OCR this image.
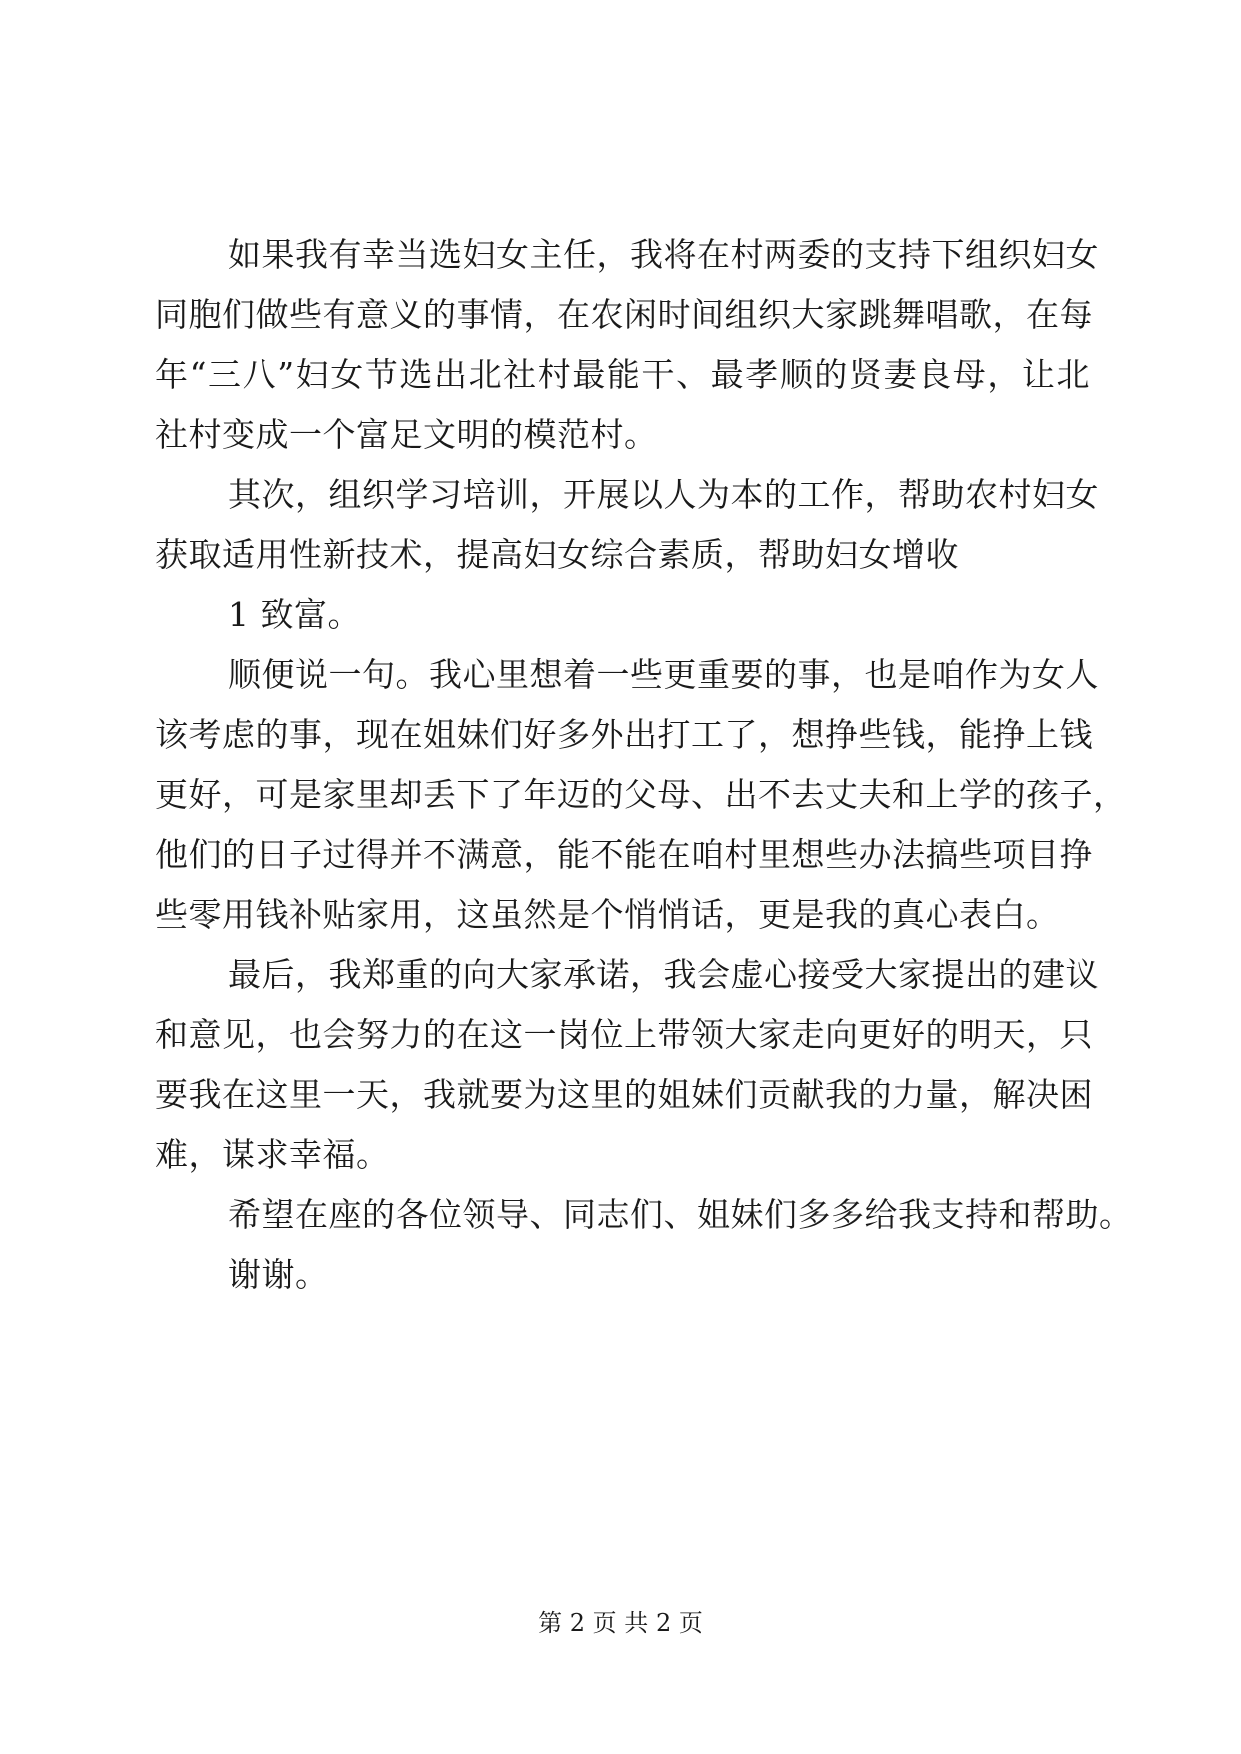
如果我有幸当选妇女主任，我将在村两委的支持下组织妇女
同胞们做些有意义的事情，在农闲时间组织大家跳舞唱歌，在每
年“三八”妇女节选出北社村最能干、最孝顺的贤妻良母，让北
社村变成一个富足文明的模范村。
其次，组织学习培训，开展以人为本的工作，帮助农村妇女
获取适用性新技术，提高妇女综合素质，帮助妇女增收
1 致富。
顺便说一句。我心里想着一些更重要的事，也是咱作为女人
该考虑的事，现在姐妹们好多外出打工了，想挣些钱，能挣上钱
更好，可是家里却丢下了年迈的父母、出不去丈夫和上学的孩子，
他们的日子过得并不满意，能不能在咱村里想些办法搞些项目挣
些零用钱补贴家用，这虽然是个悄悄话，更是我的真心表白。
最后，我郑重的向大家承诺，我会虚心接受大家提出的建议
和意见，也会努力的在这一岗位上带领大家走向更好的明天，只
要我在这里一天，我就要为这里的姐妹们贡献我的力量，解决困
难，谋求幸福。
希望在座的各位领导、同志们、姐妹们多多给我支持和帮助。
谢谢。
第 2 页 共 2 页
